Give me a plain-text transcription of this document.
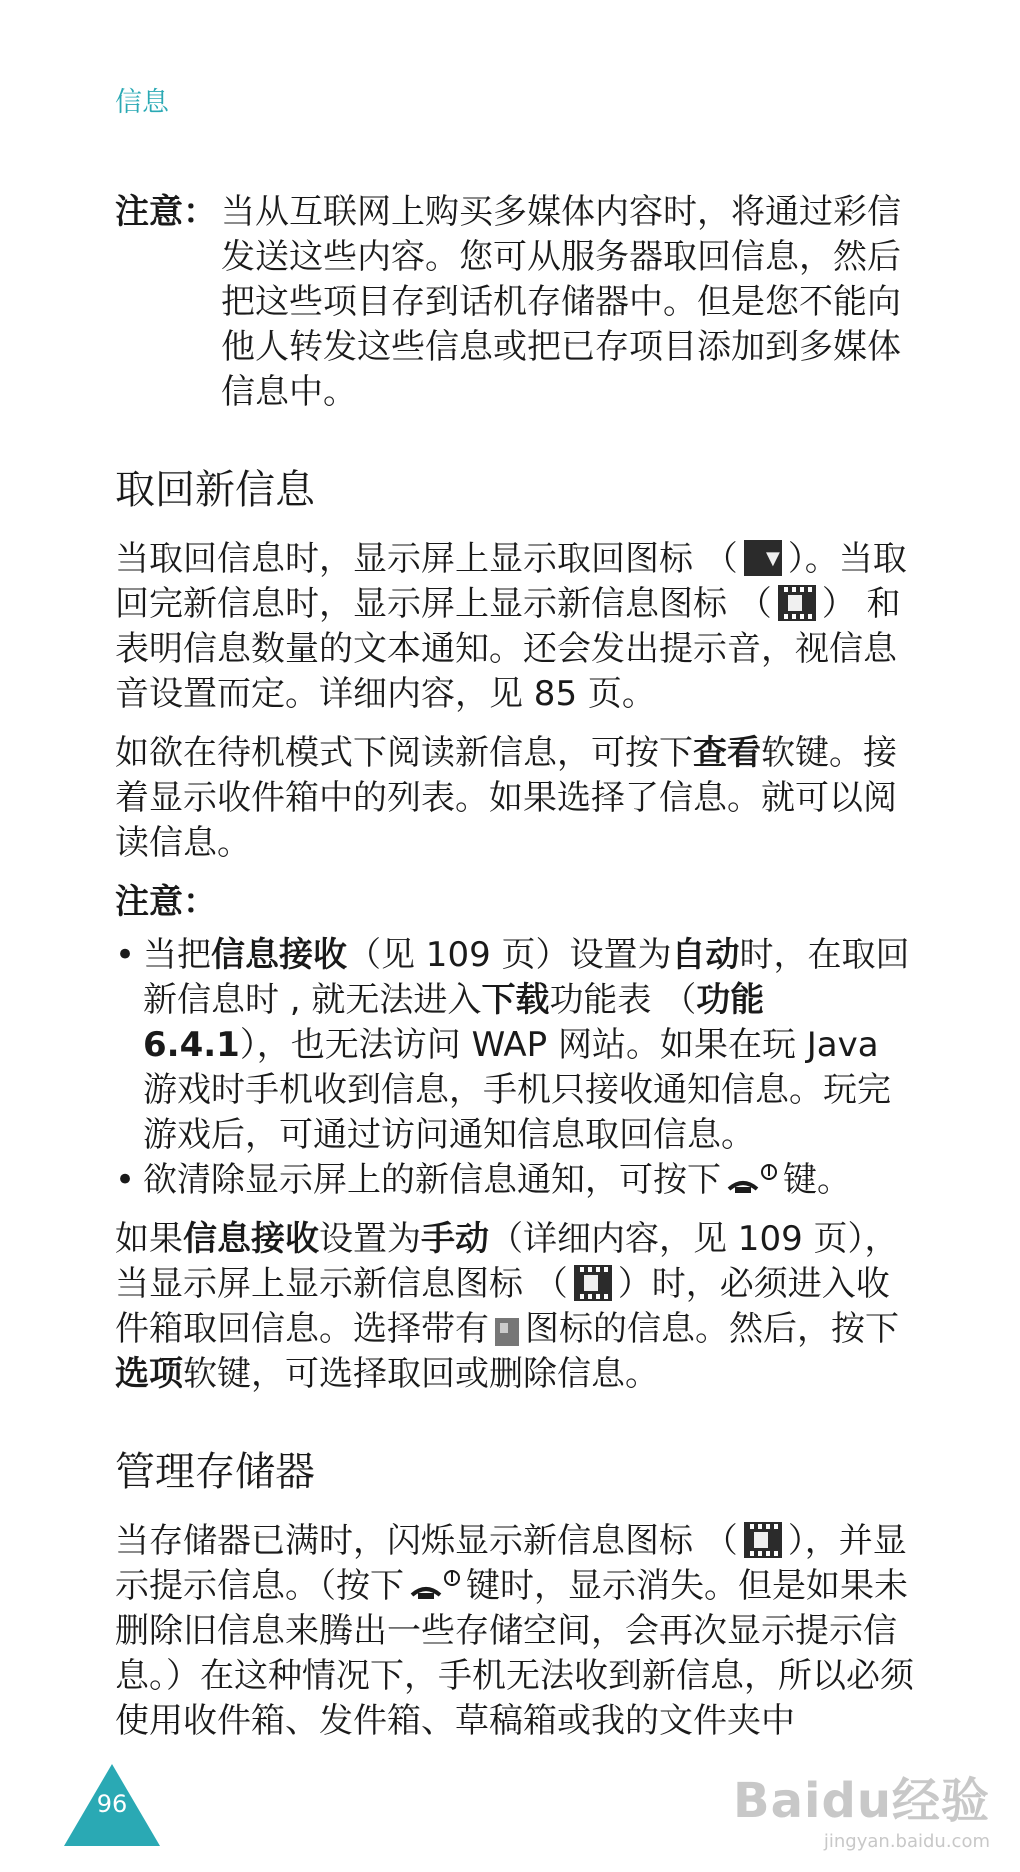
信息
注意： 当从互联网上购买多媒体内容时，将通过彩信发送这些内容。您可从服务器取回信息，然后把这些项目存到话机存储器中。但是您不能向他人转发这些信息或把已存项目添加到多媒体信息中。
取回新信息

当取回信息时，显示屏上显示取回图标 （▼ ）。当取回完新信息时，显示屏上显示新信息图标 （ ） 和表明信息数量的文本通知。还会发出提示音，视信息音设置而定。详细内容，见 85 页。

如欲在待机模式下阅读新信息，可按下查看软键。接着显示收件箱中的列表。如果选择了信息。就可以阅读信息。

注意：
• 当把信息接收（见 109 页）设置为自动时，在取回新信息时 , 就无法进入下载功能表 （功能 6.4.1），也无法访问 WAP 网站。如果在玩 Java 游戏时手机收到信息，手机只接收通知信息。玩完游戏后，可通过访问通知信息取回信息。
• 欲清除显示屏上的新信息通知，可按下 键。

如果信息接收设置为手动（详细内容，见 109 页），当显示屏上显示新信息图标 （ ）时，必须进入收件箱取回信息。选择带有 图标的信息。然后，按下选项软键，可选择取回或删除信息。

管理存储器

当存储器已满时，闪烁显示新信息图标 （ ），并显示提示信息。（按下 键时，显示消失。但是如果未删除旧信息来腾出一些存储空间，会再次显示提示信息。）在这种情况下，手机无法收到新信息，所以必须使用收件箱、发件箱、草稿箱或我的文件夹中

96	Baidu经验
jingyan.baidu.com
